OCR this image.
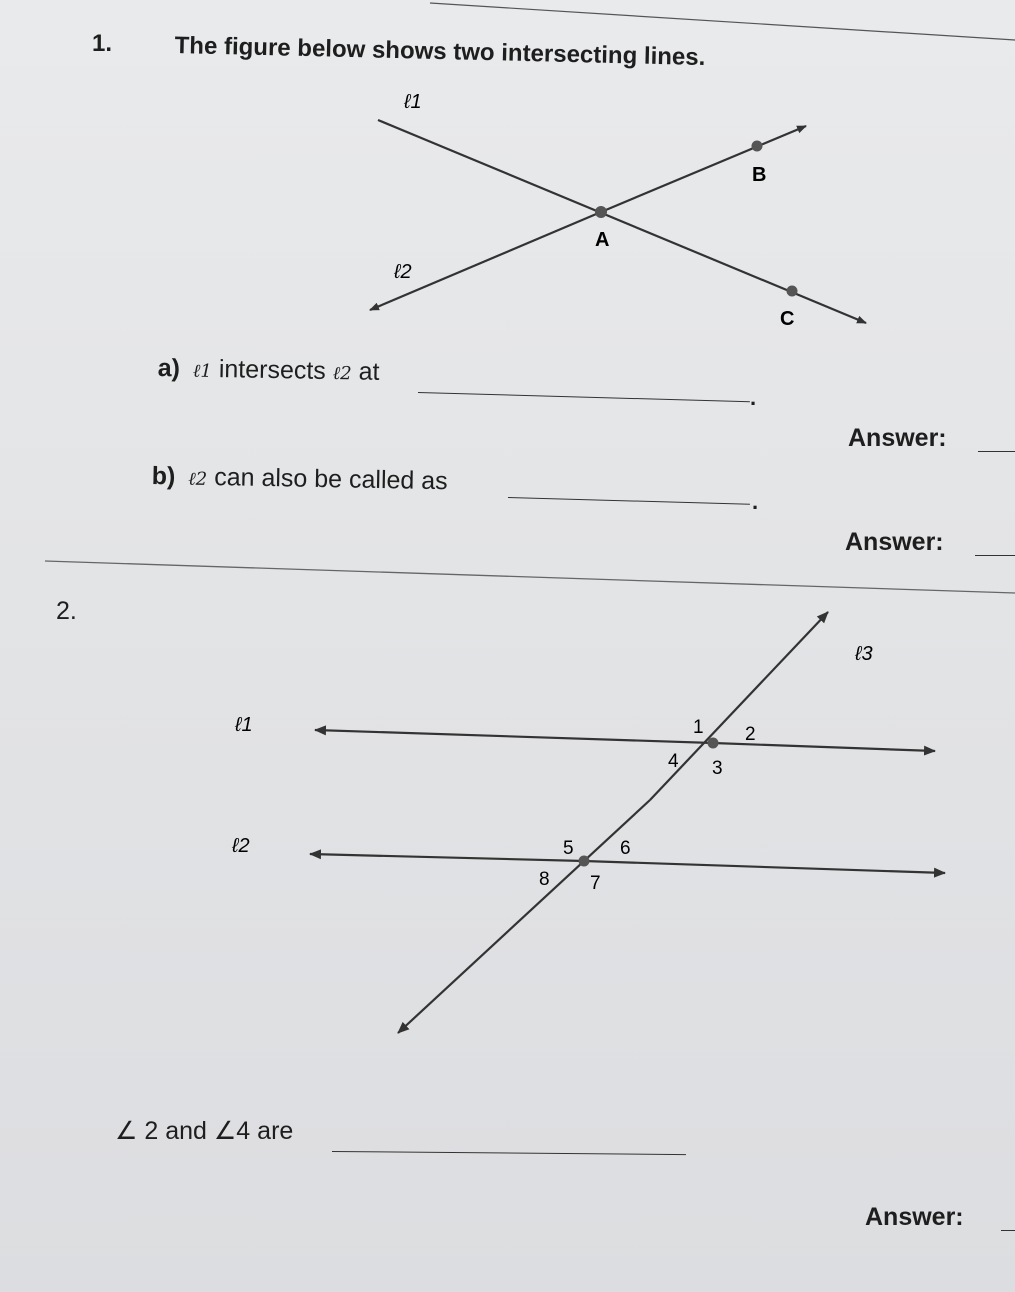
1.	The figure below shows two intersecting lines.
ℓ1
ℓ2
A
B
C
a) ℓ1 intersects ℓ2 at
.
Answer:
b) ℓ2 can also be called as
.
Answer:
2.
ℓ1
ℓ2
ℓ3
1 2
3
4
5 6
7
8
∠ 2 and ∠4 are
Answer:
